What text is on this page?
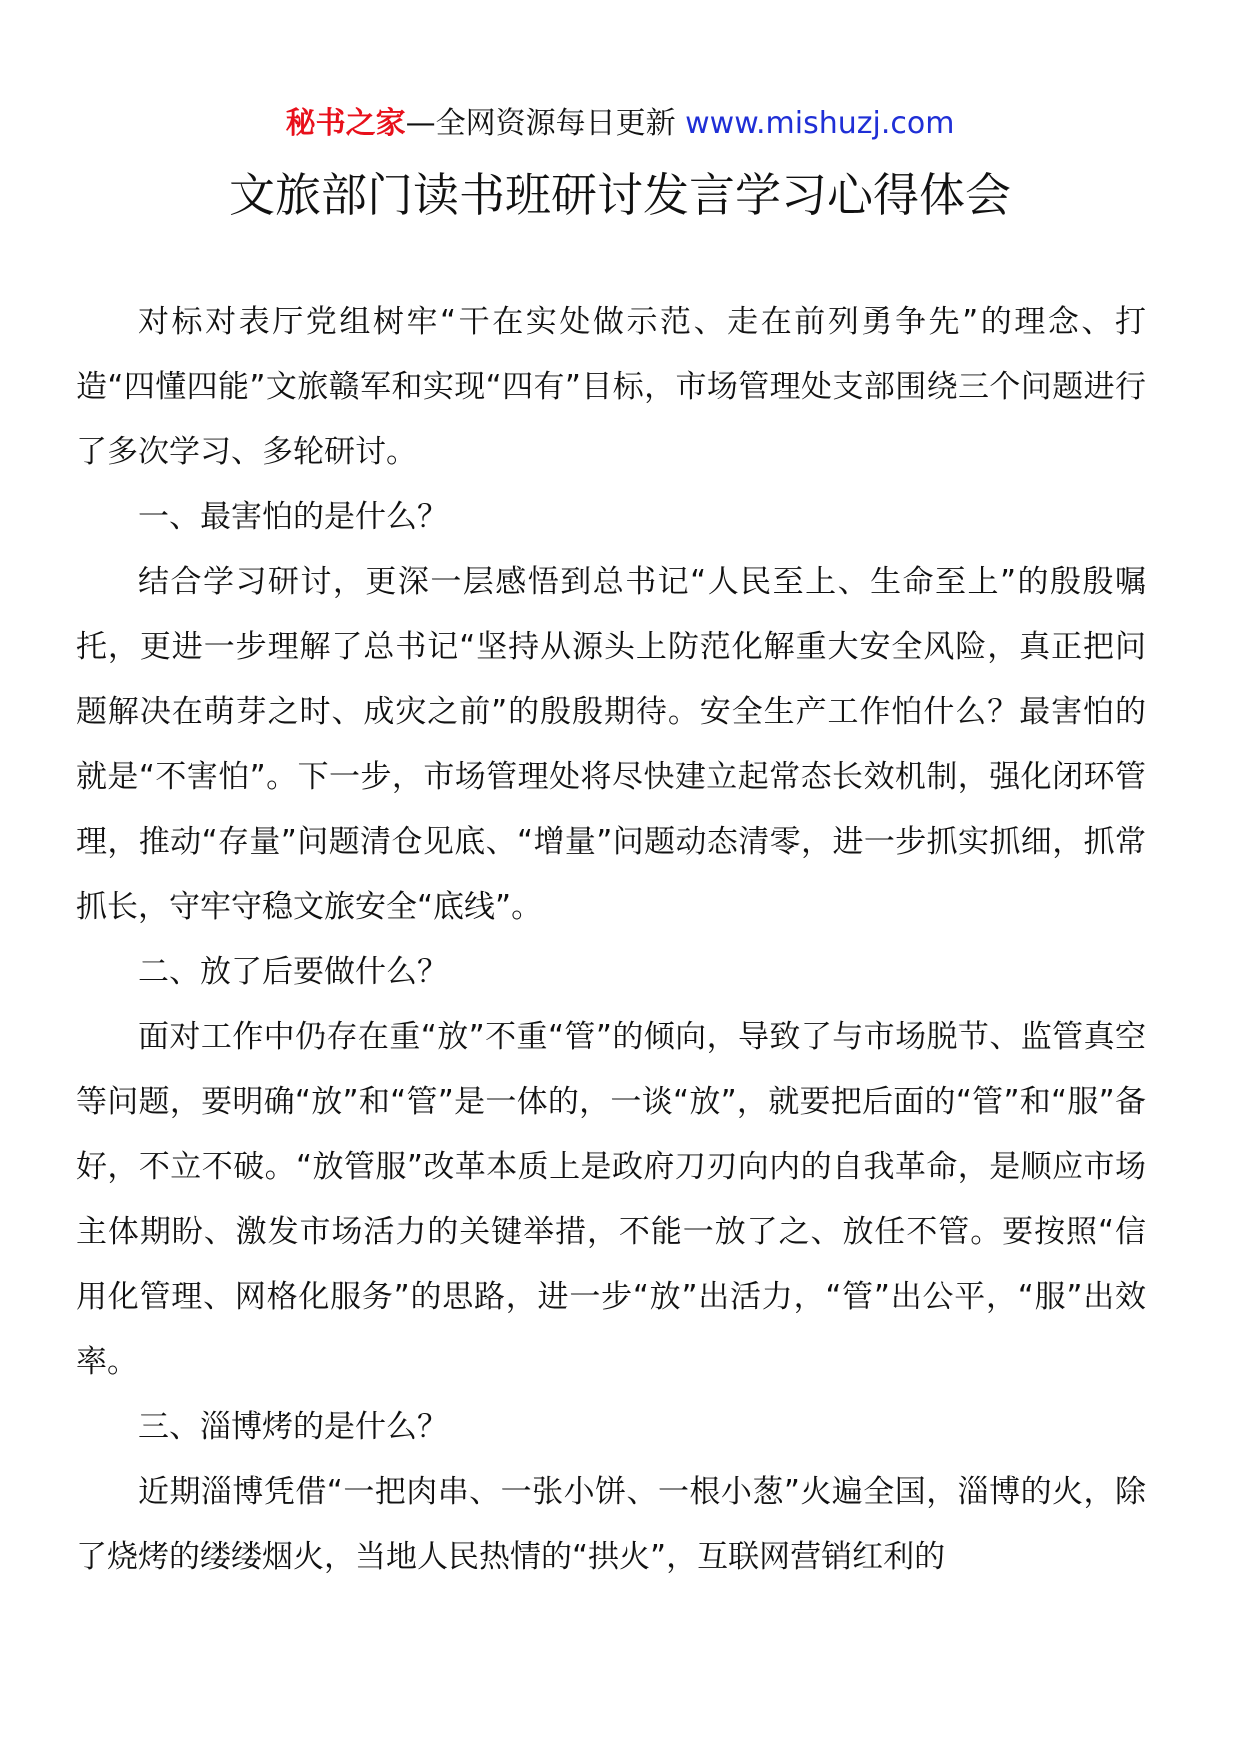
秘书之家—全网资源每日更新 www.mishuzj.com
文旅部门读书班研讨发言学习心得体会

对标对表厅党组树牢“干在实处做示范、走在前列勇争先”的理念、打造“四懂四能”文旅赣军和实现“四有”目标，市场管理处支部围绕三个问题进行了多次学习、多轮研讨。

一、最害怕的是什么？

结合学习研讨，更深一层感悟到总书记“人民至上、生命至上”的殷殷嘱托，更进一步理解了总书记“坚持从源头上防范化解重大安全风险，真正把问题解决在萌芽之时、成灾之前”的殷殷期待。安全生产工作怕什么？最害怕的就是“不害怕”。下一步，市场管理处将尽快建立起常态长效机制，强化闭环管理，推动“存量”问题清仓见底、“增量”问题动态清零，进一步抓实抓细，抓常抓长，守牢守稳文旅安全“底线”。

二、放了后要做什么？

面对工作中仍存在重“放”不重“管”的倾向，导致了与市场脱节、监管真空等问题，要明确“放”和“管”是一体的，一谈“放”，就要把后面的“管”和“服”备好，不立不破。“放管服”改革本质上是政府刀刃向内的自我革命，是顺应市场主体期盼、激发市场活力的关键举措，不能一放了之、放任不管。要按照“信用化管理、网格化服务”的思路，进一步“放”出活力，“管”出公平，“服”出效率。

三、淄博烤的是什么？

近期淄博凭借“一把肉串、一张小饼、一根小葱”火遍全国，淄博的火，除了烧烤的缕缕烟火，当地人民热情的“拱火”，互联网营销红利的
